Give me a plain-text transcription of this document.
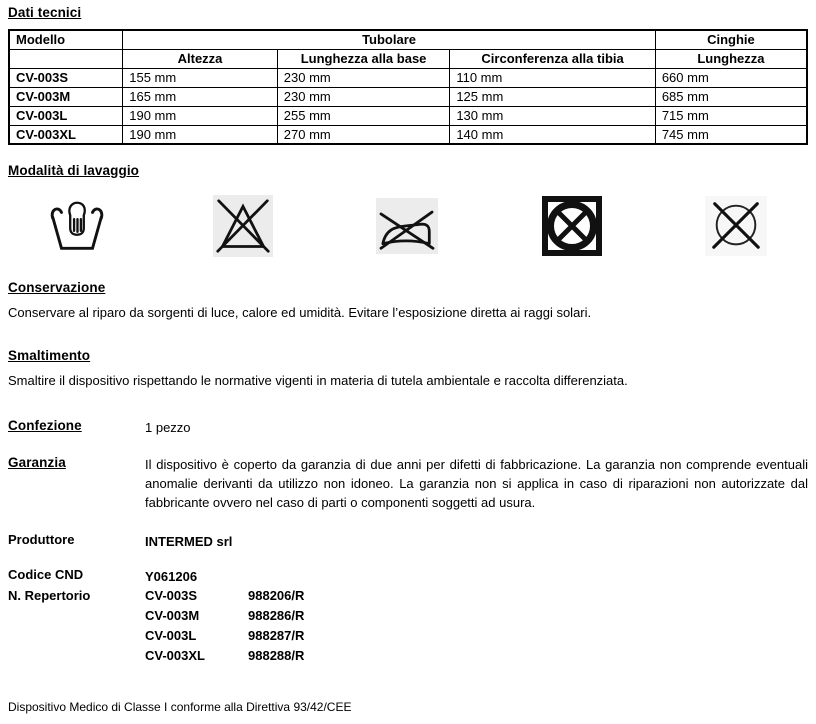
Dati tecnici
Modello	Tubolare			Cinghie
	Altezza	Lunghezza alla base	Circonferenza alla tibia	Lunghezza
CV-003S	155 mm	230 mm	110 mm	660 mm
CV-003M	165 mm	230 mm	125 mm	685 mm
CV-003L	190 mm	255 mm	130 mm	715 mm
CV-003XL	190 mm	270 mm	140 mm	745 mm
Modalità di lavaggio
Conservazione
Conservare al riparo da sorgenti di luce, calore ed umidità. Evitare l’esposizione diretta ai raggi solari.
Smaltimento
Smaltire il dispositivo rispettando le normative vigenti in materia di tutela ambientale e raccolta differenziata.
Confezione	1 pezzo
Garanzia	Il dispositivo è coperto da garanzia di due anni per difetti di fabbricazione. La garanzia non comprende eventuali anomalie derivanti da utilizzo non idoneo. La garanzia non si applica in caso di riparazioni non autorizzate dal fabbricante ovvero nel caso di parti o componenti soggetti ad usura.
Produttore	INTERMED srl
Codice CND	Y061206
N. Repertorio	CV-003S	988206/R
CV-003M	988286/R
CV-003L	988287/R
CV-003XL	988288/R
Dispositivo Medico di Classe I conforme alla Direttiva 93/42/CEE
